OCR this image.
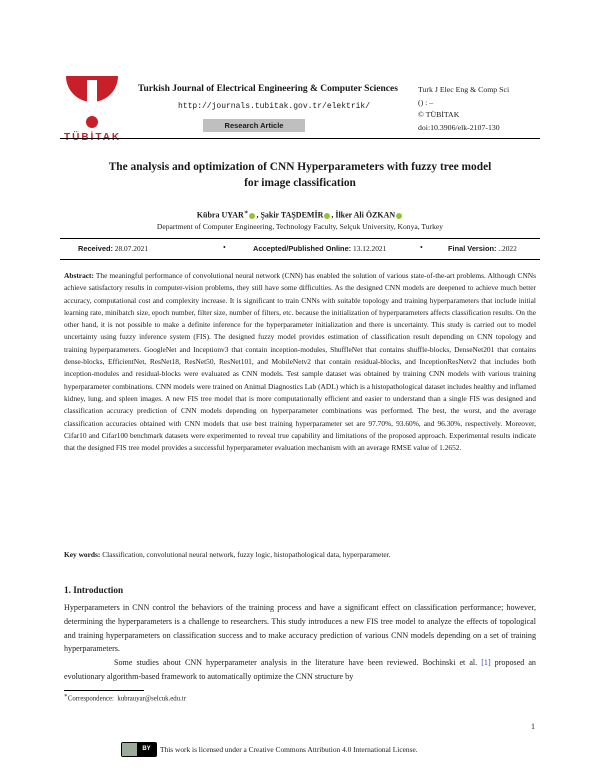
Turkish Journal of Electrical Engineering & Computer Sciences
http://journals.tubitak.gov.tr/elektrik/
Research Article
Turk J Elec Eng & Comp Sci
() : –
© TÜBİTAK
doi:10.3906/elk-2107-130
The analysis and optimization of CNN Hyperparameters with fuzzy tree model
for image classification
Kübra UYAR∗ , Şakir TAŞDEMİR , İlker Ali ÖZKAN
Department of Computer Engineering, Technology Faculty, Selçuk University, Konya, Turkey
Received: 28.07.2021	•	Accepted/Published Online: 13.12.2021	•	Final Version: ..2022
Abstract: The meaningful performance of convolutional neural network (CNN) has enabled the solution of various state-of-the-art problems. Although CNNs achieve satisfactory results in computer-vision problems, they still have some difficulties. As the designed CNN models are deepened to achieve much better accuracy, computational cost and complexity increase. It is significant to train CNNs with suitable topology and training hyperparameters that include initial learning rate, minibatch size, epoch number, filter size, number of filters, etc. because the initialization of hyperparameters affects classification results. On the other hand, it is not possible to make a definite inference for the hyperparameter initialization and there is uncertainty. This study is carried out to model uncertainty using fuzzy inference system (FIS). The designed fuzzy model provides estimation of classification result depending on CNN topology and training hyperparameters. GoogleNet and Inceptionv3 that contain inception-modules, ShuffleNet that contains shuffle-blocks, DenseNet201 that contains dense-blocks, EfficientNet, ResNet18, ResNet50, ResNet101, and MobileNetv2 that contain residual-blocks, and InceptionResNetv2 that includes both inception-modules and residual-blocks were evaluated as CNN models. Test sample dataset was obtained by training CNN models with various training hyperparameter combinations. CNN models were trained on Animal Diagnostics Lab (ADL) which is a histopathological dataset includes healthy and inflamed kidney, lung, and spleen images. A new FIS tree model that is more computationally efficient and easier to understand than a single FIS was designed and classification accuracy prediction of CNN models depending on hyperparameter combinations was performed. The best, the worst, and the average classification accuracies obtained with CNN models that use best training hyperparameter set are 97.70%, 93.60%, and 96.30%, respectively. Moreover, Cifar10 and Cifar100 benchmark datasets were experimented to reveal true capability and limitations of the proposed approach. Experimental results indicate that the designed FIS tree model provides a successful hyperparameter evaluation mechanism with an average RMSE value of 1.2652.
Key words: Classification, convolutional neural network, fuzzy logic, histopathological data, hyperparameter.
1. Introduction
Hyperparameters in CNN control the behaviors of the training process and have a significant effect on classification performance; however, determining the hyperparameters is a challenge to researchers. This study introduces a new FIS tree model to analyze the effects of topological and training hyperparameters on classification success and to make accuracy prediction of various CNN models depending on a set of training hyperparameters.
Some studies about CNN hyperparameter analysis in the literature have been reviewed. Bochinski et al. [1] proposed an evolutionary algorithm-based framework to automatically optimize the CNN structure by
∗Correspondence: kubrauyar@selcuk.edu.tr
1
BY	This work is licensed under a Creative Commons Attribution 4.0 International License.
